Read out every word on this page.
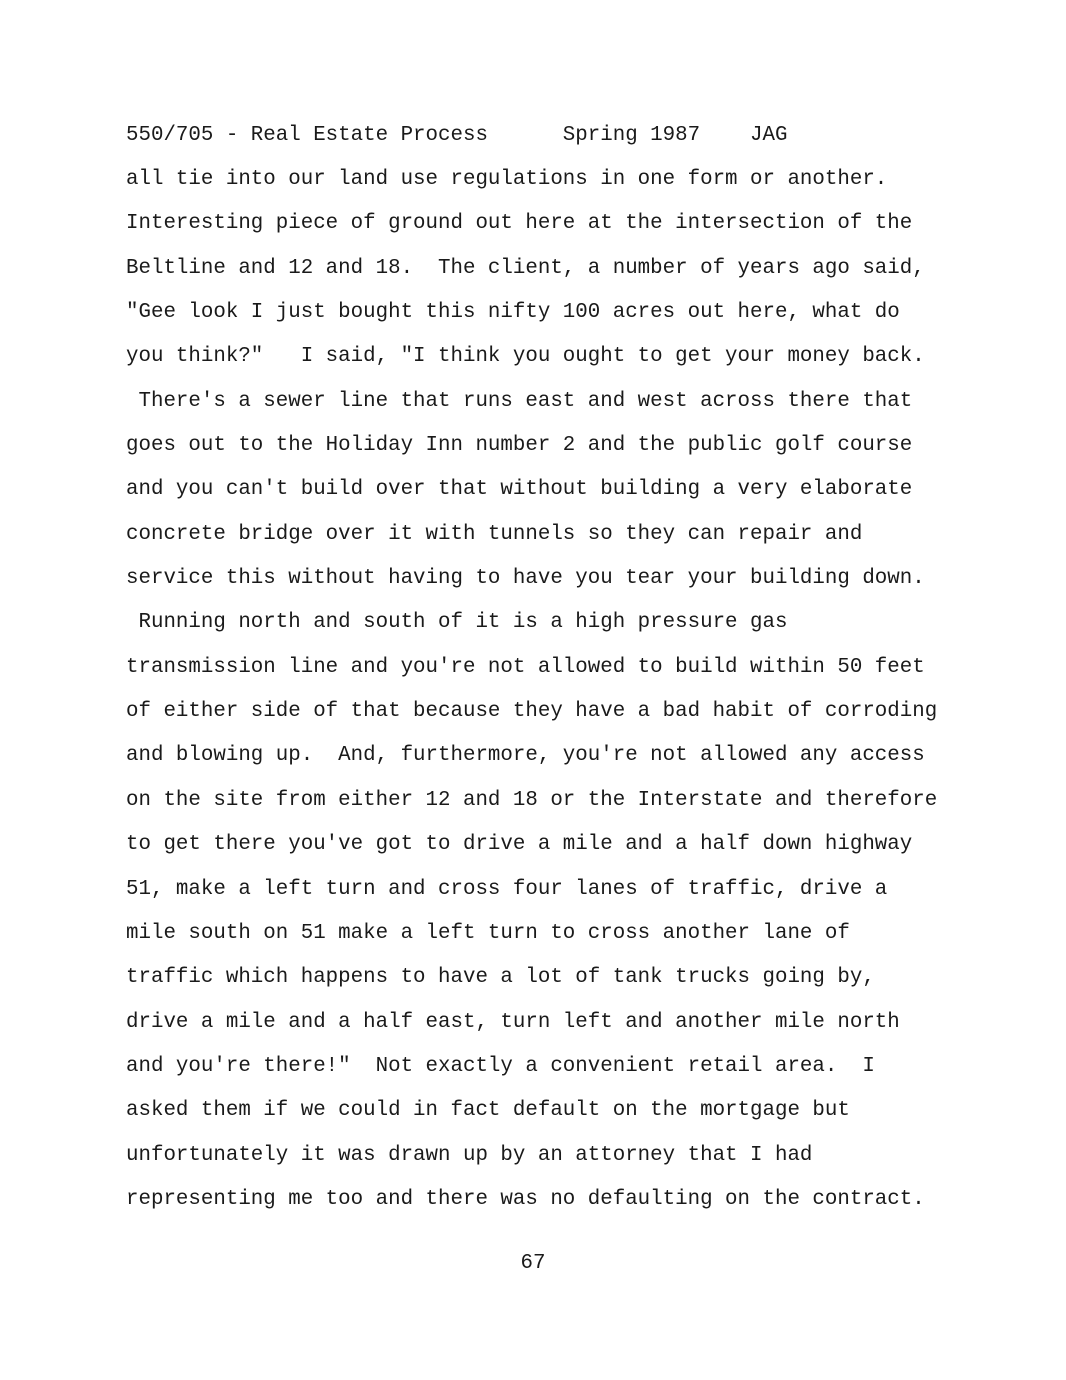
550/705 - Real Estate Process      Spring 1987    JAG
all tie into our land use regulations in one form or another.
Interesting piece of ground out here at the intersection of the
Beltline and 12 and 18.  The client, a number of years ago said,
"Gee look I just bought this nifty 100 acres out here, what do
you think?"   I said, "I think you ought to get your money back.
There's a sewer line that runs east and west across there that
goes out to the Holiday Inn number 2 and the public golf course
and you can't build over that without building a very elaborate
concrete bridge over it with tunnels so they can repair and
service this without having to have you tear your building down.
Running north and south of it is a high pressure gas
transmission line and you're not allowed to build within 50 feet
of either side of that because they have a bad habit of corroding
and blowing up.  And, furthermore, you're not allowed any access
on the site from either 12 and 18 or the Interstate and therefore
to get there you've got to drive a mile and a half down highway
51, make a left turn and cross four lanes of traffic, drive a
mile south on 51 make a left turn to cross another lane of
traffic which happens to have a lot of tank trucks going by,
drive a mile and a half east, turn left and another mile north
and you're there!"  Not exactly a convenient retail area.  I
asked them if we could in fact default on the mortgage but
unfortunately it was drawn up by an attorney that I had
representing me too and there was no defaulting on the contract.
67
